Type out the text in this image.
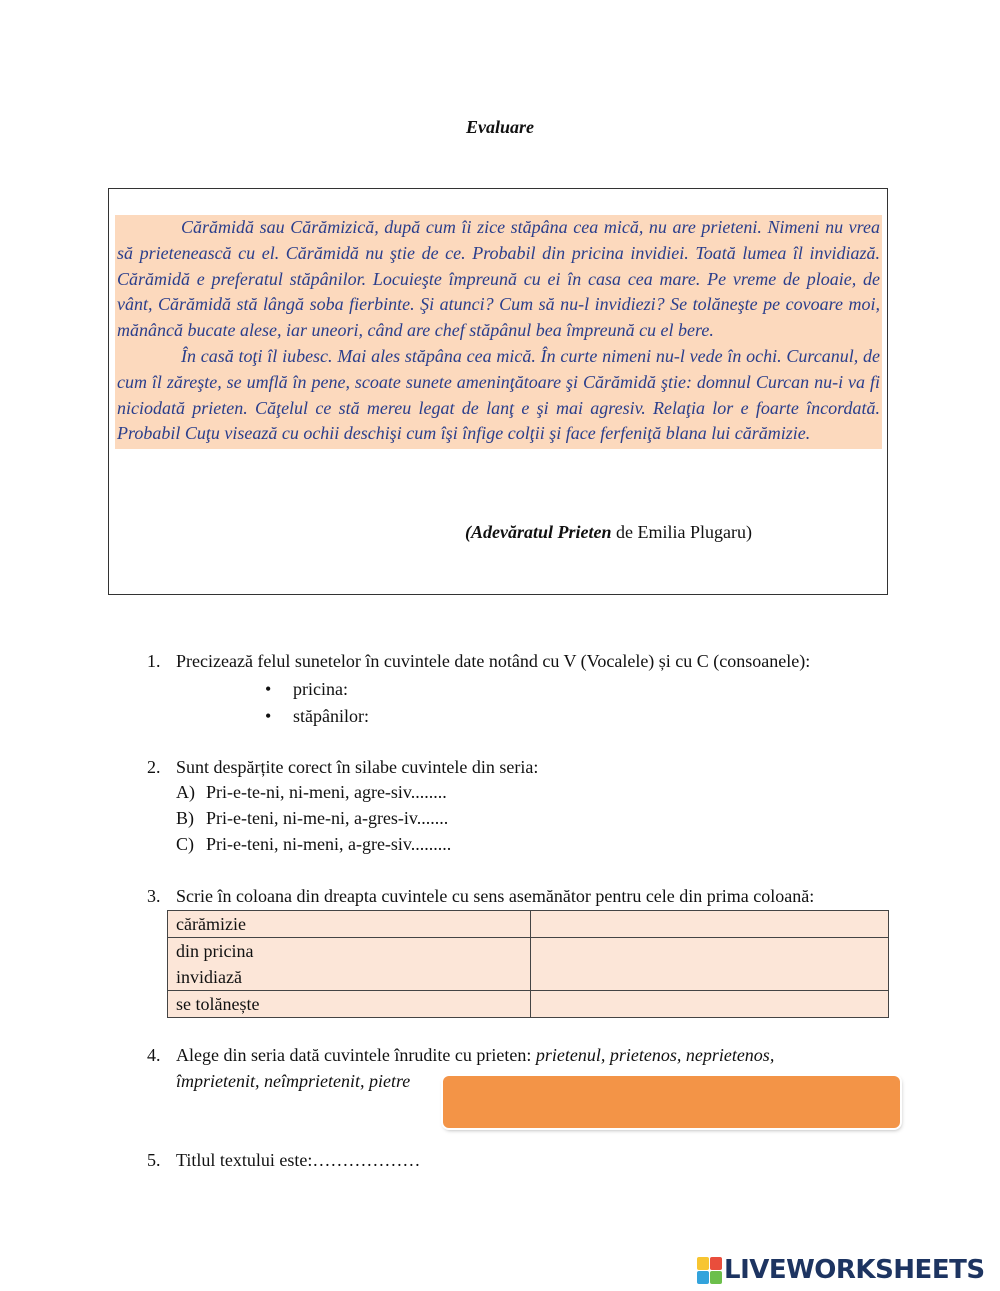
Evaluare

Cărămidă sau Cărămizică, după cum îi zice stăpâna cea mică, nu are prieteni. Nimeni nu vrea să prietenească cu el. Cărămidă nu ştie de ce. Probabil din pricina invidiei. Toată lumea îl invidiază. Cărămidă e preferatul stăpânilor. Locuieşte împreună cu ei în casa cea mare. Pe vreme de ploaie, de vânt, Cărămidă stă lângă soba fierbinte. Şi atunci? Cum să nu-l invidiezi? Se tolăneşte pe covoare moi, mănâncă bucate alese, iar uneori, când are chef stăpânul bea împreună cu el bere.

În casă toţi îl iubesc. Mai ales stăpâna cea mică. În curte nimeni nu-l vede în ochi. Curcanul, de cum îl zăreşte, se umflă în pene, scoate sunete ameninţătoare şi Cărămidă ştie: domnul Curcan nu-i va fi niciodată prieten. Căţelul ce stă mereu legat de lanţ e şi mai agresiv. Relaţia lor e foarte încordată. Probabil Cuţu visează cu ochii deschişi cum îşi înfige colţii şi face ferfeniţă blana lui cărămizie.

(Adevăratul Prieten de Emilia Plugaru)
1. Precizează felul sunetelor în cuvintele date notând cu V (Vocalele) și cu C (consoanele):
• pricina:
• stăpânilor:
2. Sunt despărțite corect în silabe cuvintele din seria:
A) Pri-e-te-ni, ni-meni, agre-siv........
B) Pri-e-teni, ni-me-ni, a-gres-iv.......
C) Pri-e-teni, ni-meni, a-gre-siv.........
3. Scrie în coloana din dreapta cuvintele cu sens asemănător pentru cele din prima coloană:
cărămizie	

din pricina
invidiază	

se tolănește	
4. Alege din seria dată cuvintele înrudite cu prieten: prietenul, prietenos, neprietenos,
împrietenit, neîmprietenit, pietre
5. Titlul textului este:………………
LIVEWORKSHEETS
